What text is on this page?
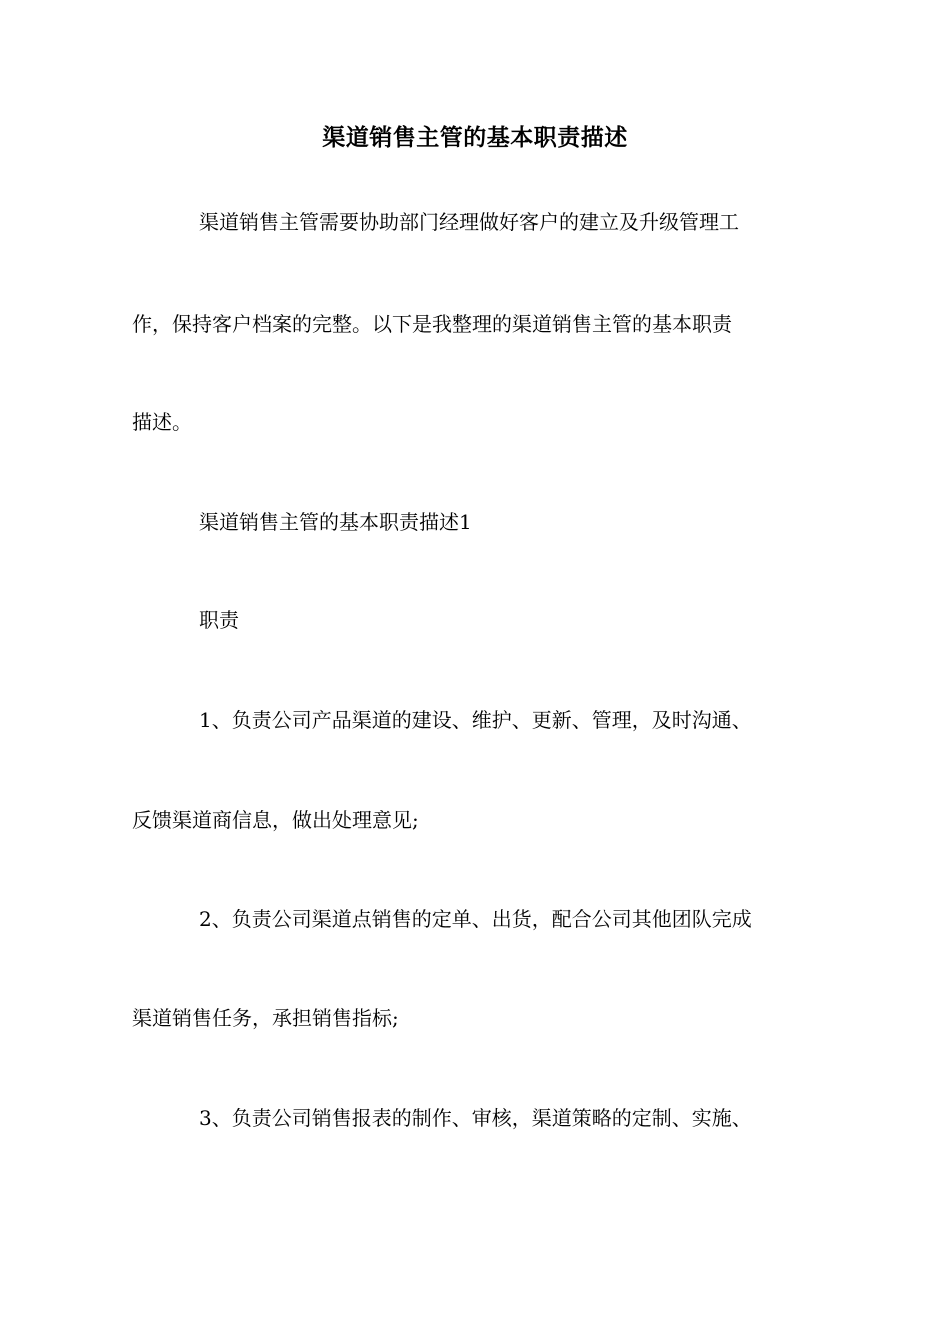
渠道销售主管的基本职责描述
渠道销售主管需要协助部门经理做好客户的建立及升级管理工
作，保持客户档案的完整。以下是我整理的渠道销售主管的基本职责
描述。
渠道销售主管的基本职责描述1
职责
1、负责公司产品渠道的建设、维护、更新、管理，及时沟通、
反馈渠道商信息，做出处理意见;
2、负责公司渠道点销售的定单、出货，配合公司其他团队完成
渠道销售任务，承担销售指标;
3、负责公司销售报表的制作、审核，渠道策略的定制、实施、
